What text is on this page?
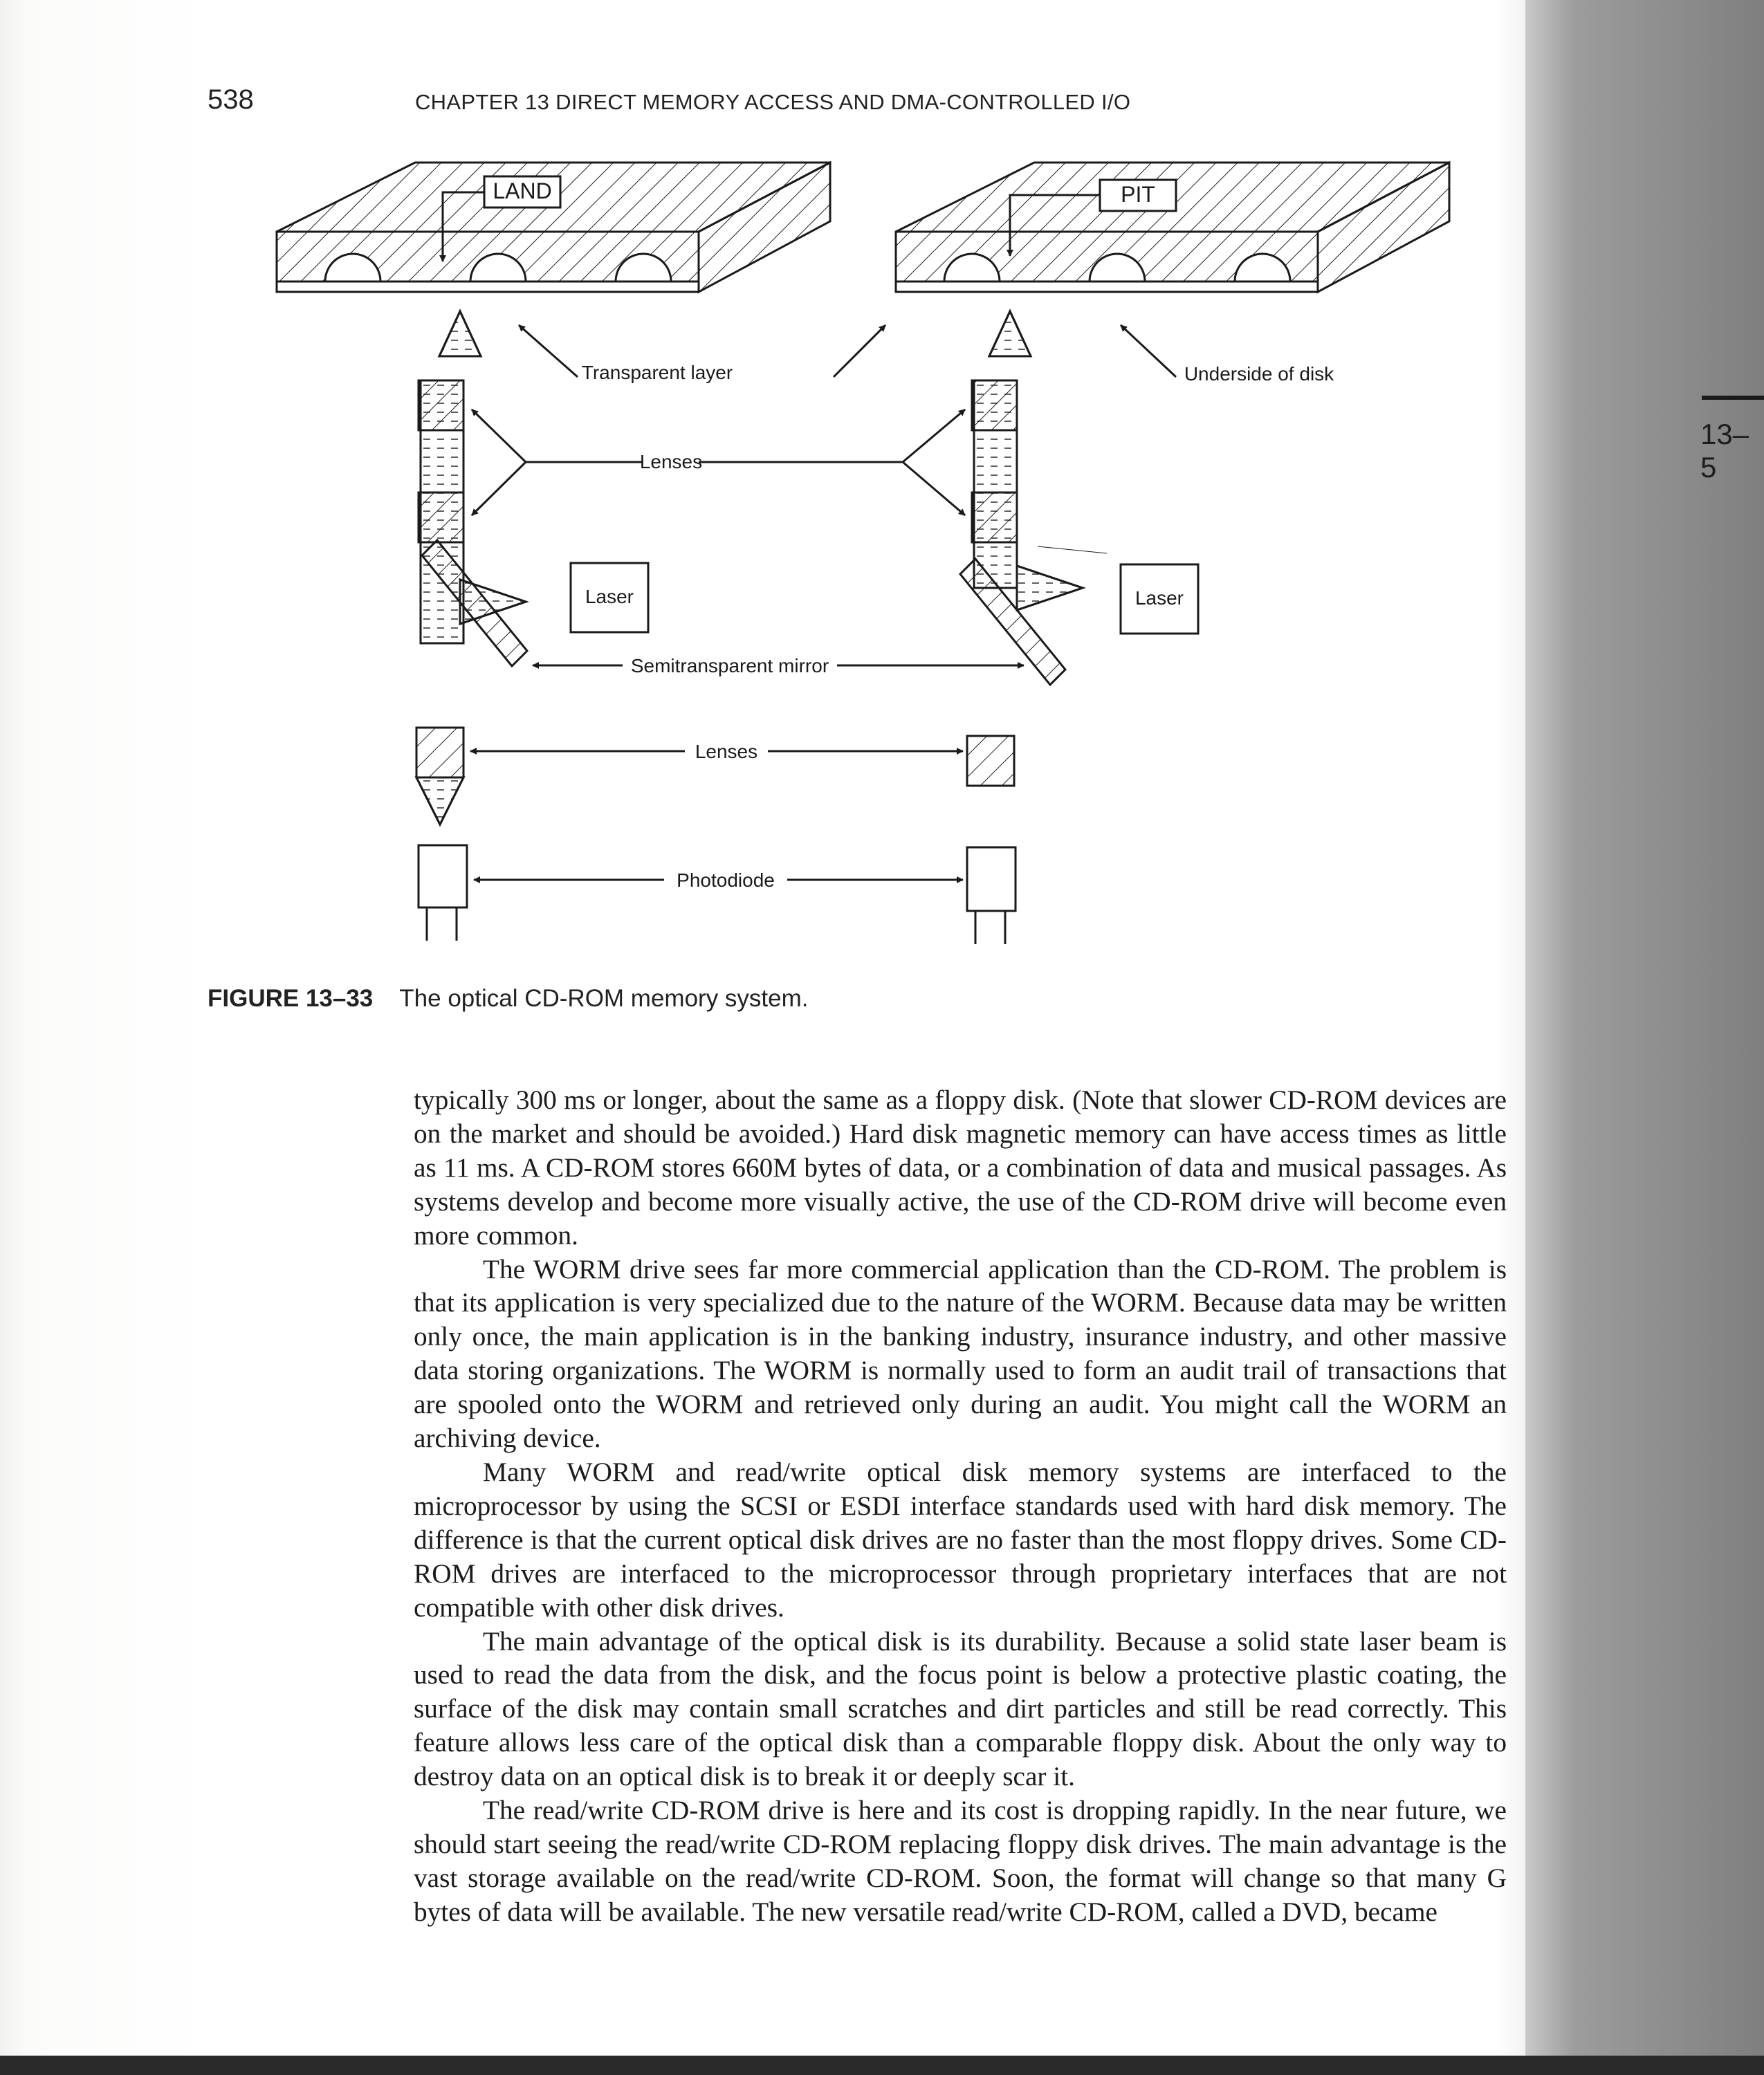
13–5
538	CHAPTER 13 DIRECT MEMORY ACCESS AND DMA-CONTROLLED I/O
LAND	PIT
Transparent layer	Underside of disk
Lenses
Laser	Laser
Semitransparent mirror
Lenses
Photodiode
FIGURE 13–33 The optical CD-ROM memory system.

typically 300 ms or longer, about the same as a floppy disk. (Note that slower CD-ROM devices are on the market and should be avoided.) Hard disk magnetic memory can have access times as little as 11 ms. A CD-ROM stores 660M bytes of data, or a combination of data and musical passages. As systems develop and become more visually active, the use of the CD-ROM drive will become even more common.

The WORM drive sees far more commercial application than the CD-ROM. The problem is that its application is very specialized due to the nature of the WORM. Because data may be written only once, the main application is in the banking industry, insurance industry, and other massive data storing organizations. The WORM is normally used to form an audit trail of transactions that are spooled onto the WORM and retrieved only during an audit. You might call the WORM an archiving device.

Many WORM and read/write optical disk memory systems are interfaced to the microprocessor by using the SCSI or ESDI interface standards used with hard disk memory. The difference is that the current optical disk drives are no faster than the most floppy drives. Some CD-ROM drives are interfaced to the microprocessor through proprietary interfaces that are not compatible with other disk drives.

The main advantage of the optical disk is its durability. Because a solid state laser beam is used to read the data from the disk, and the focus point is below a protective plastic coating, the surface of the disk may contain small scratches and dirt particles and still be read correctly. This feature allows less care of the optical disk than a comparable floppy disk. About the only way to destroy data on an optical disk is to break it or deeply scar it.

The read/write CD-ROM drive is here and its cost is dropping rapidly. In the near future, we should start seeing the read/write CD-ROM replacing floppy disk drives. The main advantage is the vast storage available on the read/write CD-ROM. Soon, the format will change so that many G bytes of data will be available. The new versatile read/write CD-ROM, called a DVD, became
